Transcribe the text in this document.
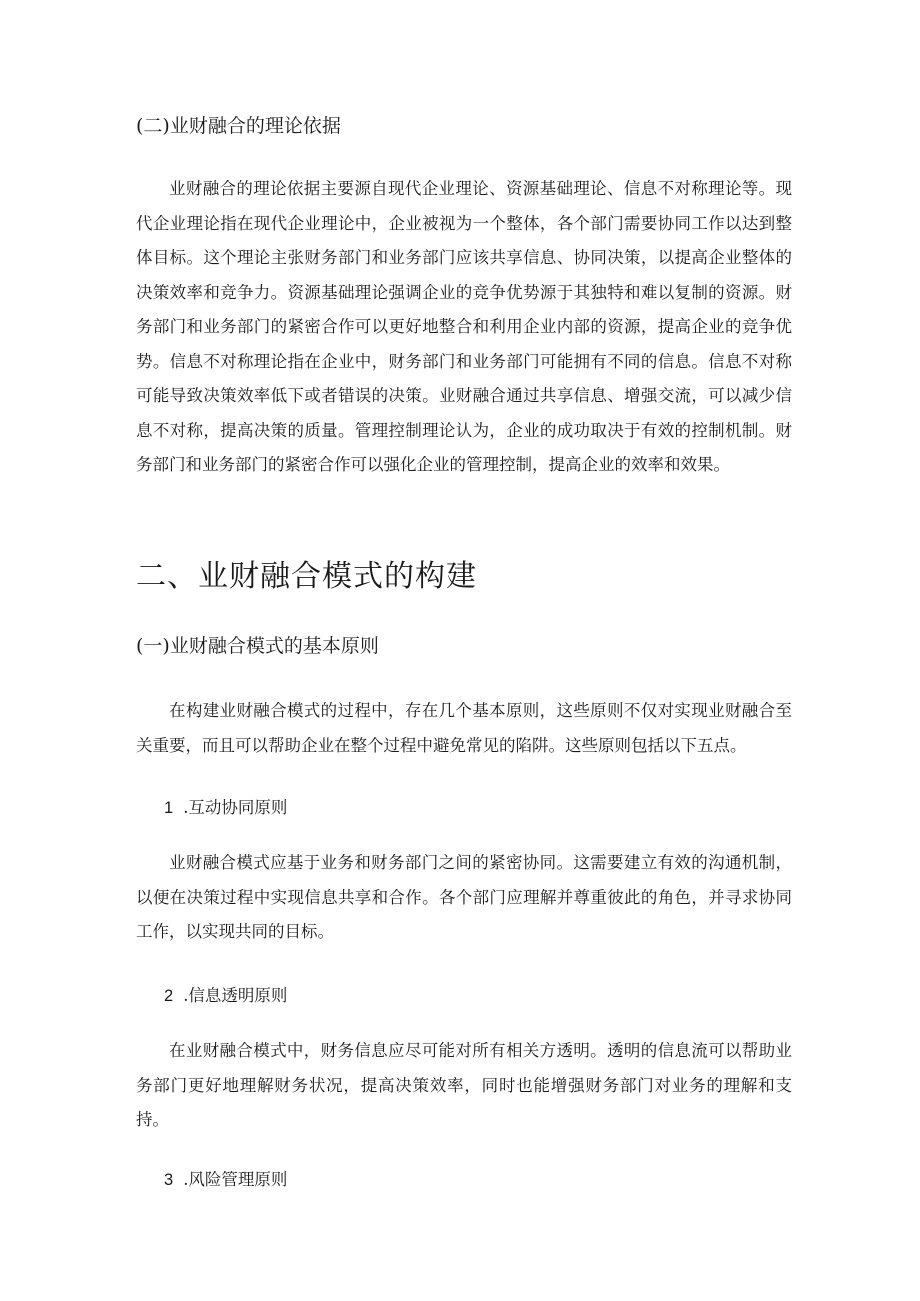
(二)业财融合的理论依据

业财融合的理论依据主要源自现代企业理论、资源基础理论、信息不对称理论等。现代企业理论指在现代企业理论中，企业被视为一个整体，各个部门需要协同工作以达到整体目标。这个理论主张财务部门和业务部门应该共享信息、协同决策，以提高企业整体的决策效率和竞争力。资源基础理论强调企业的竞争优势源于其独特和难以复制的资源。财务部门和业务部门的紧密合作可以更好地整合和利用企业内部的资源，提高企业的竞争优势。信息不对称理论指在企业中，财务部门和业务部门可能拥有不同的信息。信息不对称可能导致决策效率低下或者错误的决策。业财融合通过共享信息、增强交流，可以减少信息不对称，提高决策的质量。管理控制理论认为，企业的成功取决于有效的控制机制。财务部门和业务部门的紧密合作可以强化企业的管理控制，提高企业的效率和效果。

二、业财融合模式的构建
(一)业财融合模式的基本原则

在构建业财融合模式的过程中，存在几个基本原则，这些原则不仅对实现业财融合至关重要，而且可以帮助企业在整个过程中避免常见的陷阱。这些原则包括以下五点。

1 .互动协同原则

业财融合模式应基于业务和财务部门之间的紧密协同。这需要建立有效的沟通机制，以便在决策过程中实现信息共享和合作。各个部门应理解并尊重彼此的角色，并寻求协同工作，以实现共同的目标。

2 .信息透明原则

在业财融合模式中，财务信息应尽可能对所有相关方透明。透明的信息流可以帮助业务部门更好地理解财务状况，提高决策效率，同时也能增强财务部门对业务的理解和支持。

3 .风险管理原则
